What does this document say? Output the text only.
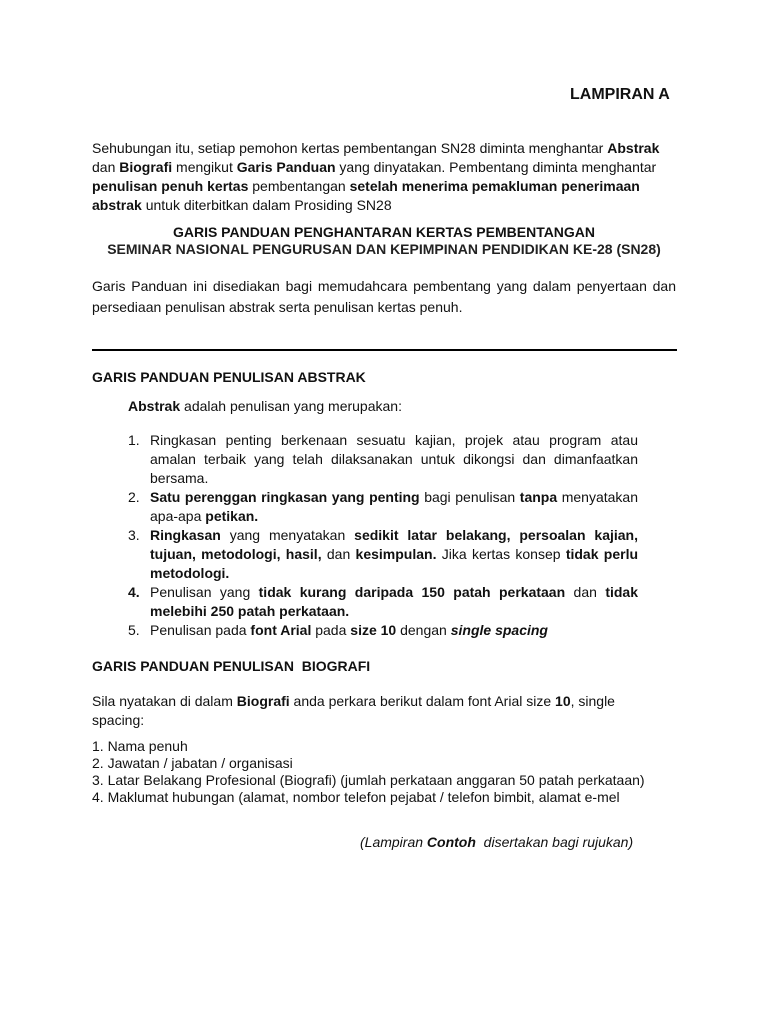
LAMPIRAN A
Sehubungan itu, setiap pemohon kertas pembentangan SN28 diminta menghantar Abstrak dan Biografi mengikut Garis Panduan yang dinyatakan. Pembentang diminta menghantar penulisan penuh kertas pembentangan setelah menerima pemakluman penerimaan abstrak untuk diterbitkan dalam Prosiding SN28
GARIS PANDUAN PENGHANTARAN KERTAS PEMBENTANGAN
SEMINAR NASIONAL PENGURUSAN DAN KEPIMPINAN PENDIDIKAN KE-28 (SN28)
Garis Panduan ini disediakan bagi memudahcara pembentang yang dalam penyertaan dan persediaan penulisan abstrak serta penulisan kertas penuh.
GARIS PANDUAN PENULISAN ABSTRAK
Abstrak adalah penulisan yang merupakan:
1. Ringkasan penting berkenaan sesuatu kajian, projek atau program atau amalan terbaik yang telah dilaksanakan untuk dikongsi dan dimanfaatkan bersama.
2. Satu perenggan ringkasan yang penting bagi penulisan tanpa menyatakan apa-apa petikan.
3. Ringkasan yang menyatakan sedikit latar belakang, persoalan kajian, tujuan, metodologi, hasil, dan kesimpulan. Jika kertas konsep tidak perlu metodologi.
4. Penulisan yang tidak kurang daripada 150 patah perkataan dan tidak melebihi 250 patah perkataan.
5. Penulisan pada font Arial pada size 10 dengan single spacing
GARIS PANDUAN PENULISAN  BIOGRAFI
Sila nyatakan di dalam Biografi anda perkara berikut dalam font Arial size 10, single spacing:
1. Nama penuh
2. Jawatan / jabatan / organisasi
3. Latar Belakang Profesional (Biografi) (jumlah perkataan anggaran 50 patah perkataan)
4. Maklumat hubungan (alamat, nombor telefon pejabat / telefon bimbit, alamat e-mel
(Lampiran Contoh  disertakan bagi rujukan)
